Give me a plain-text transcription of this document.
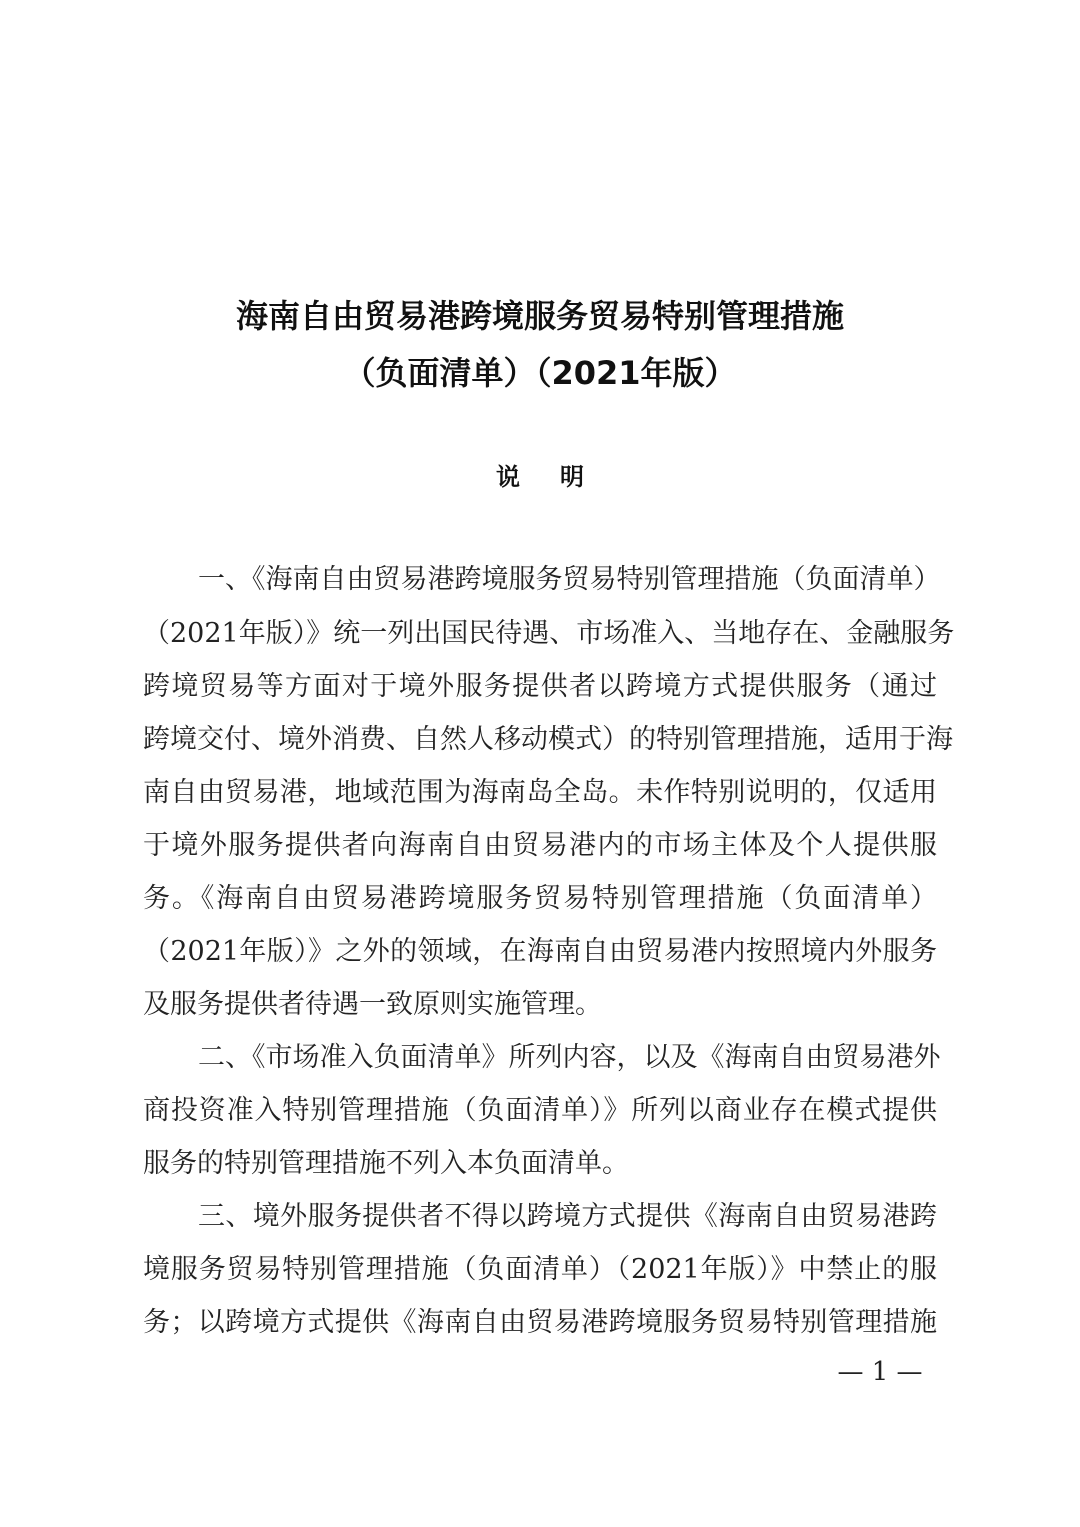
海南自由贸易港跨境服务贸易特别管理措施
（负面清单）（2021年版）
说明
一、《海南自由贸易港跨境服务贸易特别管理措施（负面清单）
（2021年版）》统一列出国民待遇、市场准入、当地存在、金融服务
跨境贸易等方面对于境外服务提供者以跨境方式提供服务（通过
跨境交付、境外消费、自然人移动模式）的特别管理措施，适用于海
南自由贸易港，地域范围为海南岛全岛。未作特别说明的，仅适用
于境外服务提供者向海南自由贸易港内的市场主体及个人提供服
务。《海南自由贸易港跨境服务贸易特别管理措施（负面清单）
（2021年版）》之外的领域，在海南自由贸易港内按照境内外服务
及服务提供者待遇一致原则实施管理。
二、《市场准入负面清单》所列内容，以及《海南自由贸易港外
商投资准入特别管理措施（负面清单）》所列以商业存在模式提供
服务的特别管理措施不列入本负面清单。
三、境外服务提供者不得以跨境方式提供《海南自由贸易港跨
境服务贸易特别管理措施（负面清单）（2021年版）》中禁止的服
务；以跨境方式提供《海南自由贸易港跨境服务贸易特别管理措施
— 1 —
